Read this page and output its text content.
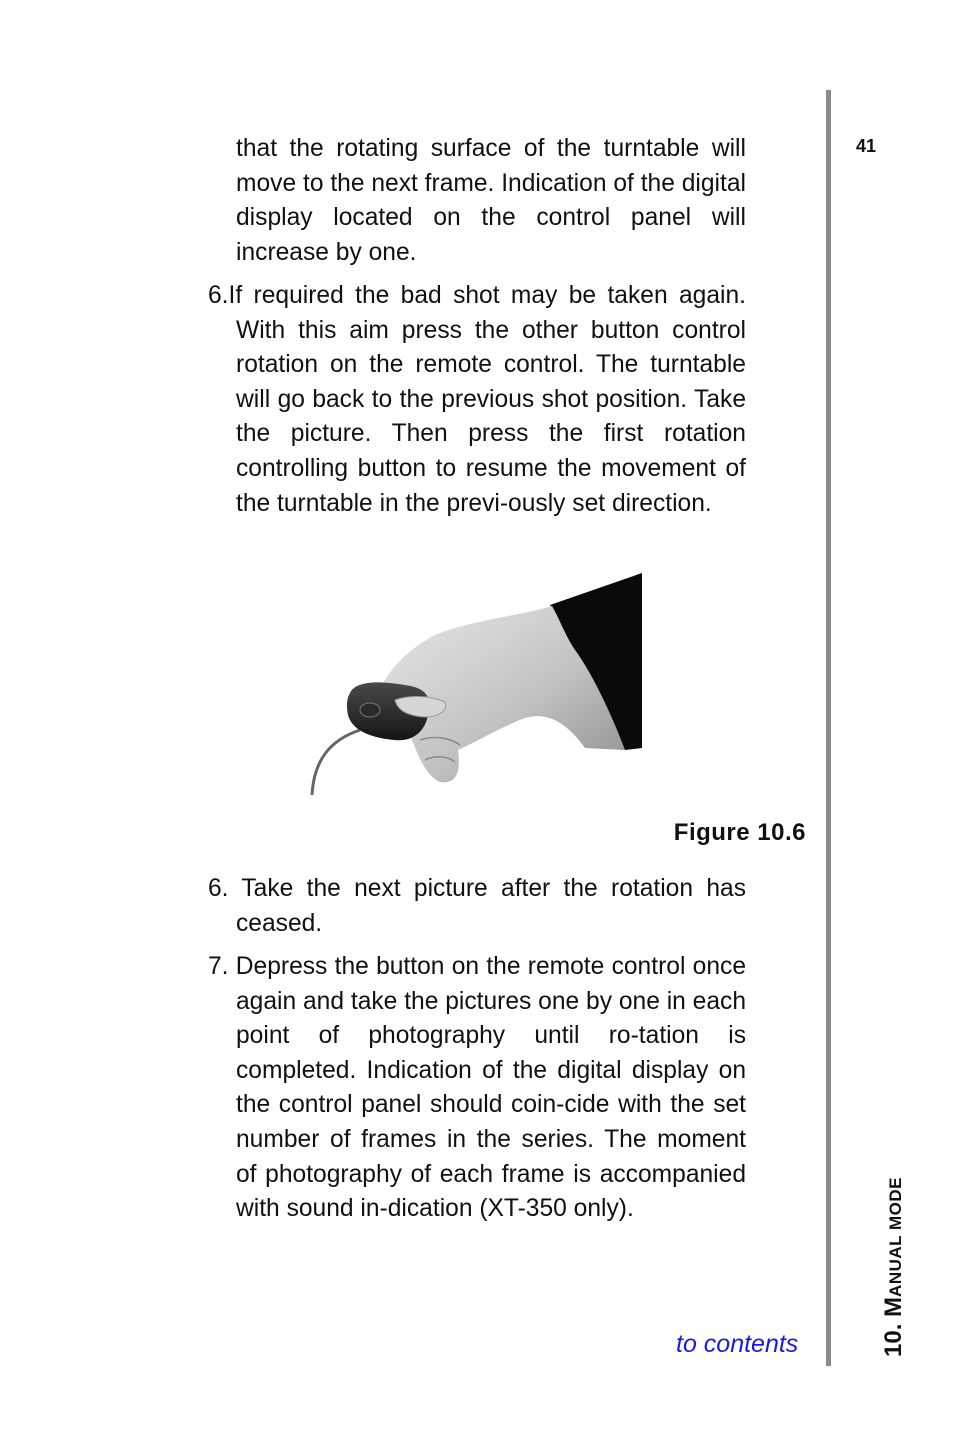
41
10. MANUAL MODE

that the rotating surface of the turntable will move to the next frame. Indication of the digital display located on the control panel will increase by one.

6.If required the bad shot may be taken again. With this aim press the other button control rotation on the remote control. The turntable will go back to the previous shot position. Take the picture. Then press the first rotation controlling button to resume the movement of the turntable in the previ-ously set direction.

Figure 10.6

6. Take the next picture after the rotation has ceased.

7. Depress the button on the remote control once again and take the pictures one by one in each point of photography until ro-tation is completed. Indication of the digital display on the control panel should coin-cide with the set number of frames in the series. The moment of photography of each frame is accompanied with sound in-dication (XT-350 only).

to contents
